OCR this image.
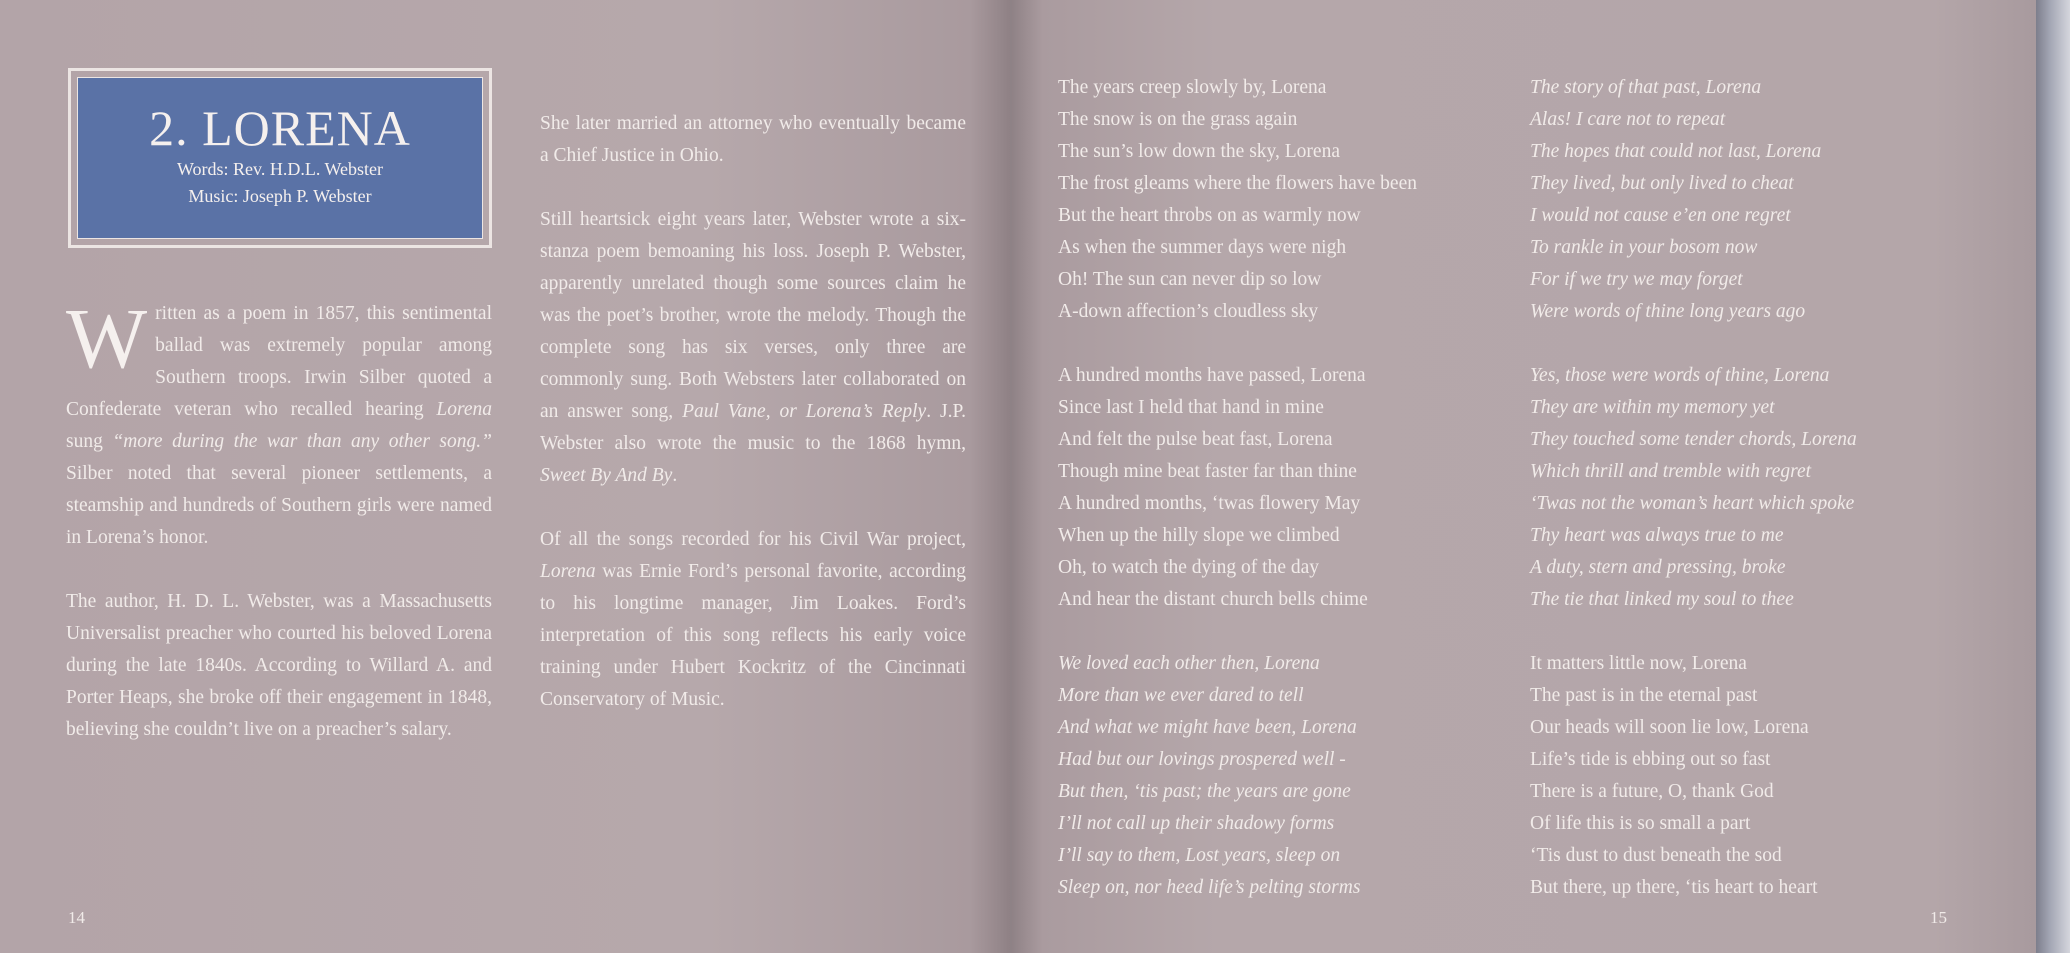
2. LORENA
Words: Rev. H.D.L. Webster
Music: Joseph P. Webster

Written as a poem in 1857, this sentimental ballad was extremely popular among Southern troops. Irwin Silber quoted a Confederate veteran who recalled hearing Lorena sung “more during the war than any other song.” Silber noted that several pioneer settlements, a steamship and hundreds of Southern girls were named in Lorena’s honor.

The author, H. D. L. Webster, was a Massachusetts Universalist preacher who courted his beloved Lorena during the late 1840s. According to Willard A. and Porter Heaps, she broke off their engagement in 1848, believing she couldn’t live on a preacher’s salary.

She later married an attorney who eventually became a Chief Justice in Ohio.

Still heartsick eight years later, Webster wrote a six-stanza poem bemoaning his loss. Joseph P. Webster, apparently unrelated though some sources claim he was the poet’s brother, wrote the melody. Though the complete song has six verses, only three are commonly sung. Both Websters later collaborated on an answer song, Paul Vane, or Lorena’s Reply. J.P. Webster also wrote the music to the 1868 hymn, Sweet By And By.

Of all the songs recorded for his Civil War project, Lorena was Ernie Ford’s personal favorite, according to his longtime manager, Jim Loakes. Ford’s interpretation of this song reflects his early voice training under Hubert Kockritz of the Cincinnati Conservatory of Music.

14
The years creep slowly by, Lorena
The snow is on the grass again
The sun’s low down the sky, Lorena
The frost gleams where the flowers have been
But the heart throbs on as warmly now
As when the summer days were nigh
Oh! The sun can never dip so low
A-down affection’s cloudless sky
A hundred months have passed, Lorena
Since last I held that hand in mine
And felt the pulse beat fast, Lorena
Though mine beat faster far than thine
A hundred months, ‘twas flowery May
When up the hilly slope we climbed
Oh, to watch the dying of the day
And hear the distant church bells chime
We loved each other then, Lorena
More than we ever dared to tell
And what we might have been, Lorena
Had but our lovings prospered well -
But then, ‘tis past; the years are gone
I’ll not call up their shadowy forms
I’ll say to them, Lost years, sleep on
Sleep on, nor heed life’s pelting storms
The story of that past, Lorena
Alas! I care not to repeat
The hopes that could not last, Lorena
They lived, but only lived to cheat
I would not cause e’en one regret
To rankle in your bosom now
For if we try we may forget
Were words of thine long years ago
Yes, those were words of thine, Lorena
They are within my memory yet
They touched some tender chords, Lorena
Which thrill and tremble with regret
‘Twas not the woman’s heart which spoke
Thy heart was always true to me
A duty, stern and pressing, broke
The tie that linked my soul to thee
It matters little now, Lorena
The past is in the eternal past
Our heads will soon lie low, Lorena
Life’s tide is ebbing out so fast
There is a future, O, thank God
Of life this is so small a part
‘Tis dust to dust beneath the sod
But there, up there, ‘tis heart to heart
15
